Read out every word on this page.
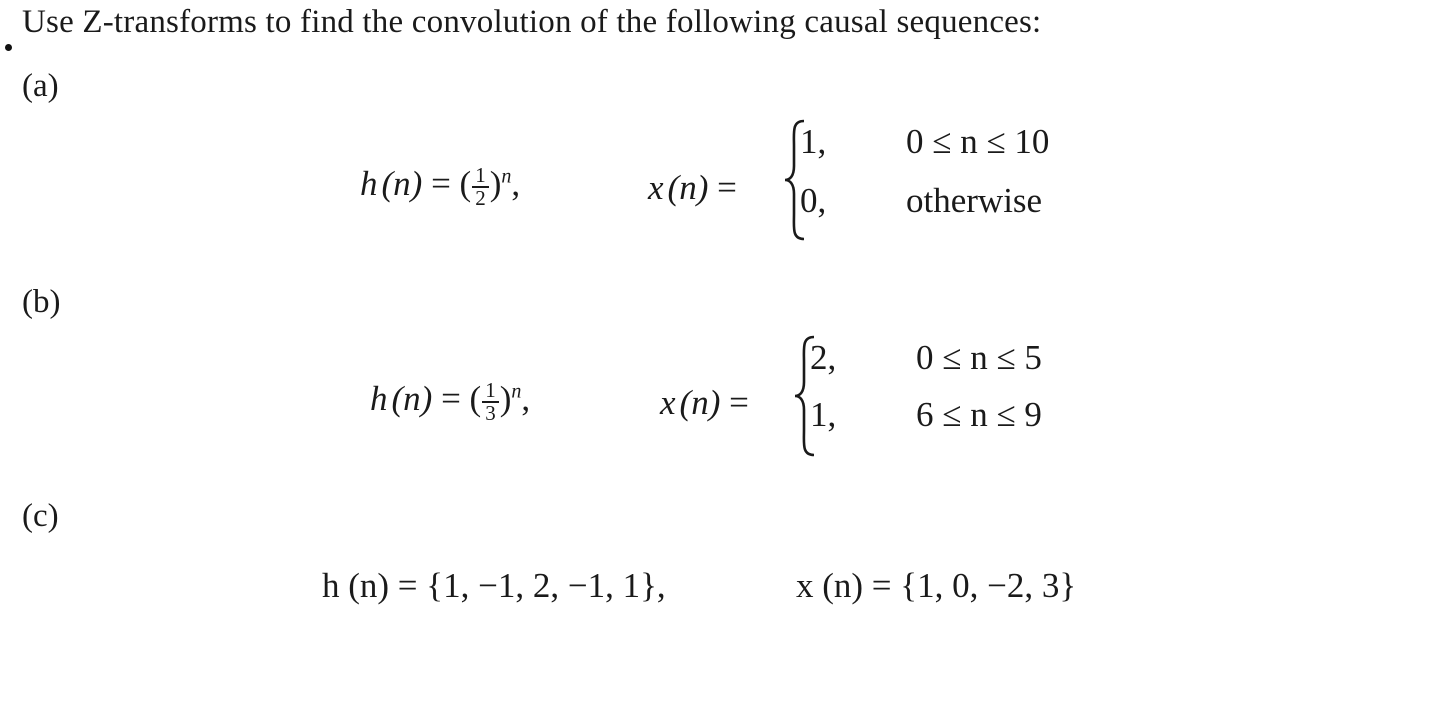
Use Z-transforms to find the convolution of the following causal sequences:
(a)
h (n) = ( $\frac{1}{2} )^n$,	x (n) =
1, 0 ≤ n ≤ 10
0, otherwise
(b)
h (n) = ( $\frac{1}{3} )^n$,	x (n) =
2, 0 ≤ n ≤ 5
1, 6 ≤ n ≤ 9
(c)
h (n) = {1, −1, 2, −1, 1},	x (n) = {1, 0, −2, 3}
